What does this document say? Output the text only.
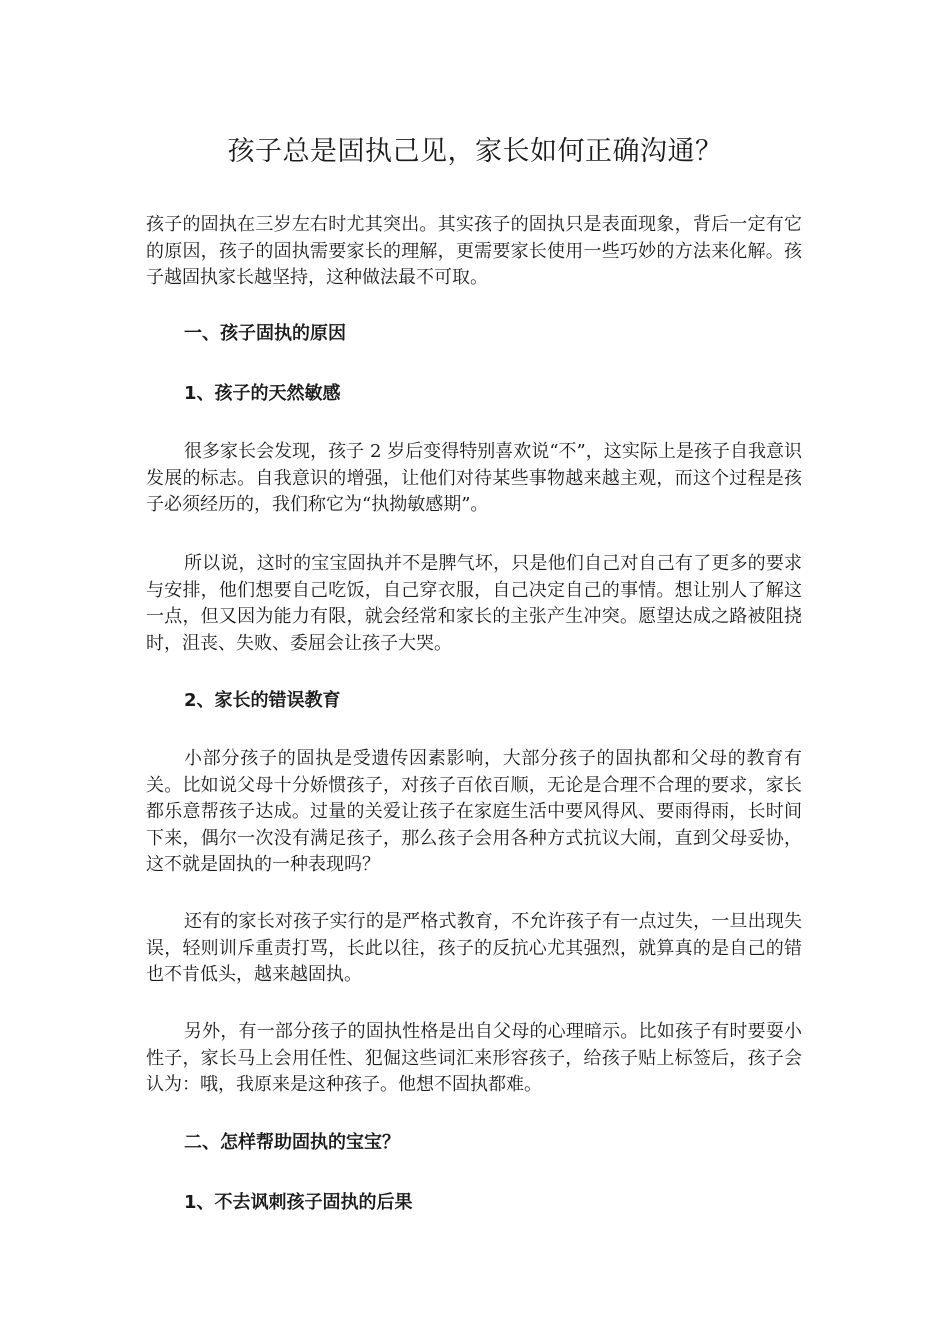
孩子总是固执己见，家长如何正确沟通？

孩子的固执在三岁左右时尤其突出。其实孩子的固执只是表面现象，背后一定有它的原因，孩子的固执需要家长的理解，更需要家长使用一些巧妙的方法来化解。孩子越固执家长越坚持，这种做法最不可取。

一、孩子固执的原因

1、孩子的天然敏感

很多家长会发现，孩子 2 岁后变得特别喜欢说“不”，这实际上是孩子自我意识发展的标志。自我意识的增强，让他们对待某些事物越来越主观，而这个过程是孩子必须经历的，我们称它为“执拗敏感期”。

所以说，这时的宝宝固执并不是脾气坏，只是他们自己对自己有了更多的要求与安排，他们想要自己吃饭，自己穿衣服，自己决定自己的事情。想让别人了解这一点，但又因为能力有限，就会经常和家长的主张产生冲突。愿望达成之路被阻挠时，沮丧、失败、委屈会让孩子大哭。

2、家长的错误教育

小部分孩子的固执是受遗传因素影响，大部分孩子的固执都和父母的教育有关。比如说父母十分娇惯孩子，对孩子百依百顺，无论是合理不合理的要求，家长都乐意帮孩子达成。过量的关爱让孩子在家庭生活中要风得风、要雨得雨，长时间下来，偶尔一次没有满足孩子，那么孩子会用各种方式抗议大闹，直到父母妥协，这不就是固执的一种表现吗？

还有的家长对孩子实行的是严格式教育，不允许孩子有一点过失，一旦出现失误，轻则训斥重责打骂，长此以往，孩子的反抗心尤其强烈，就算真的是自己的错也不肯低头，越来越固执。

另外，有一部分孩子的固执性格是出自父母的心理暗示。比如孩子有时要耍小性子，家长马上会用任性、犯倔这些词汇来形容孩子，给孩子贴上标签后，孩子会认为：哦，我原来是这种孩子。他想不固执都难。

二、怎样帮助固执的宝宝？

1、不去讽刺孩子固执的后果
